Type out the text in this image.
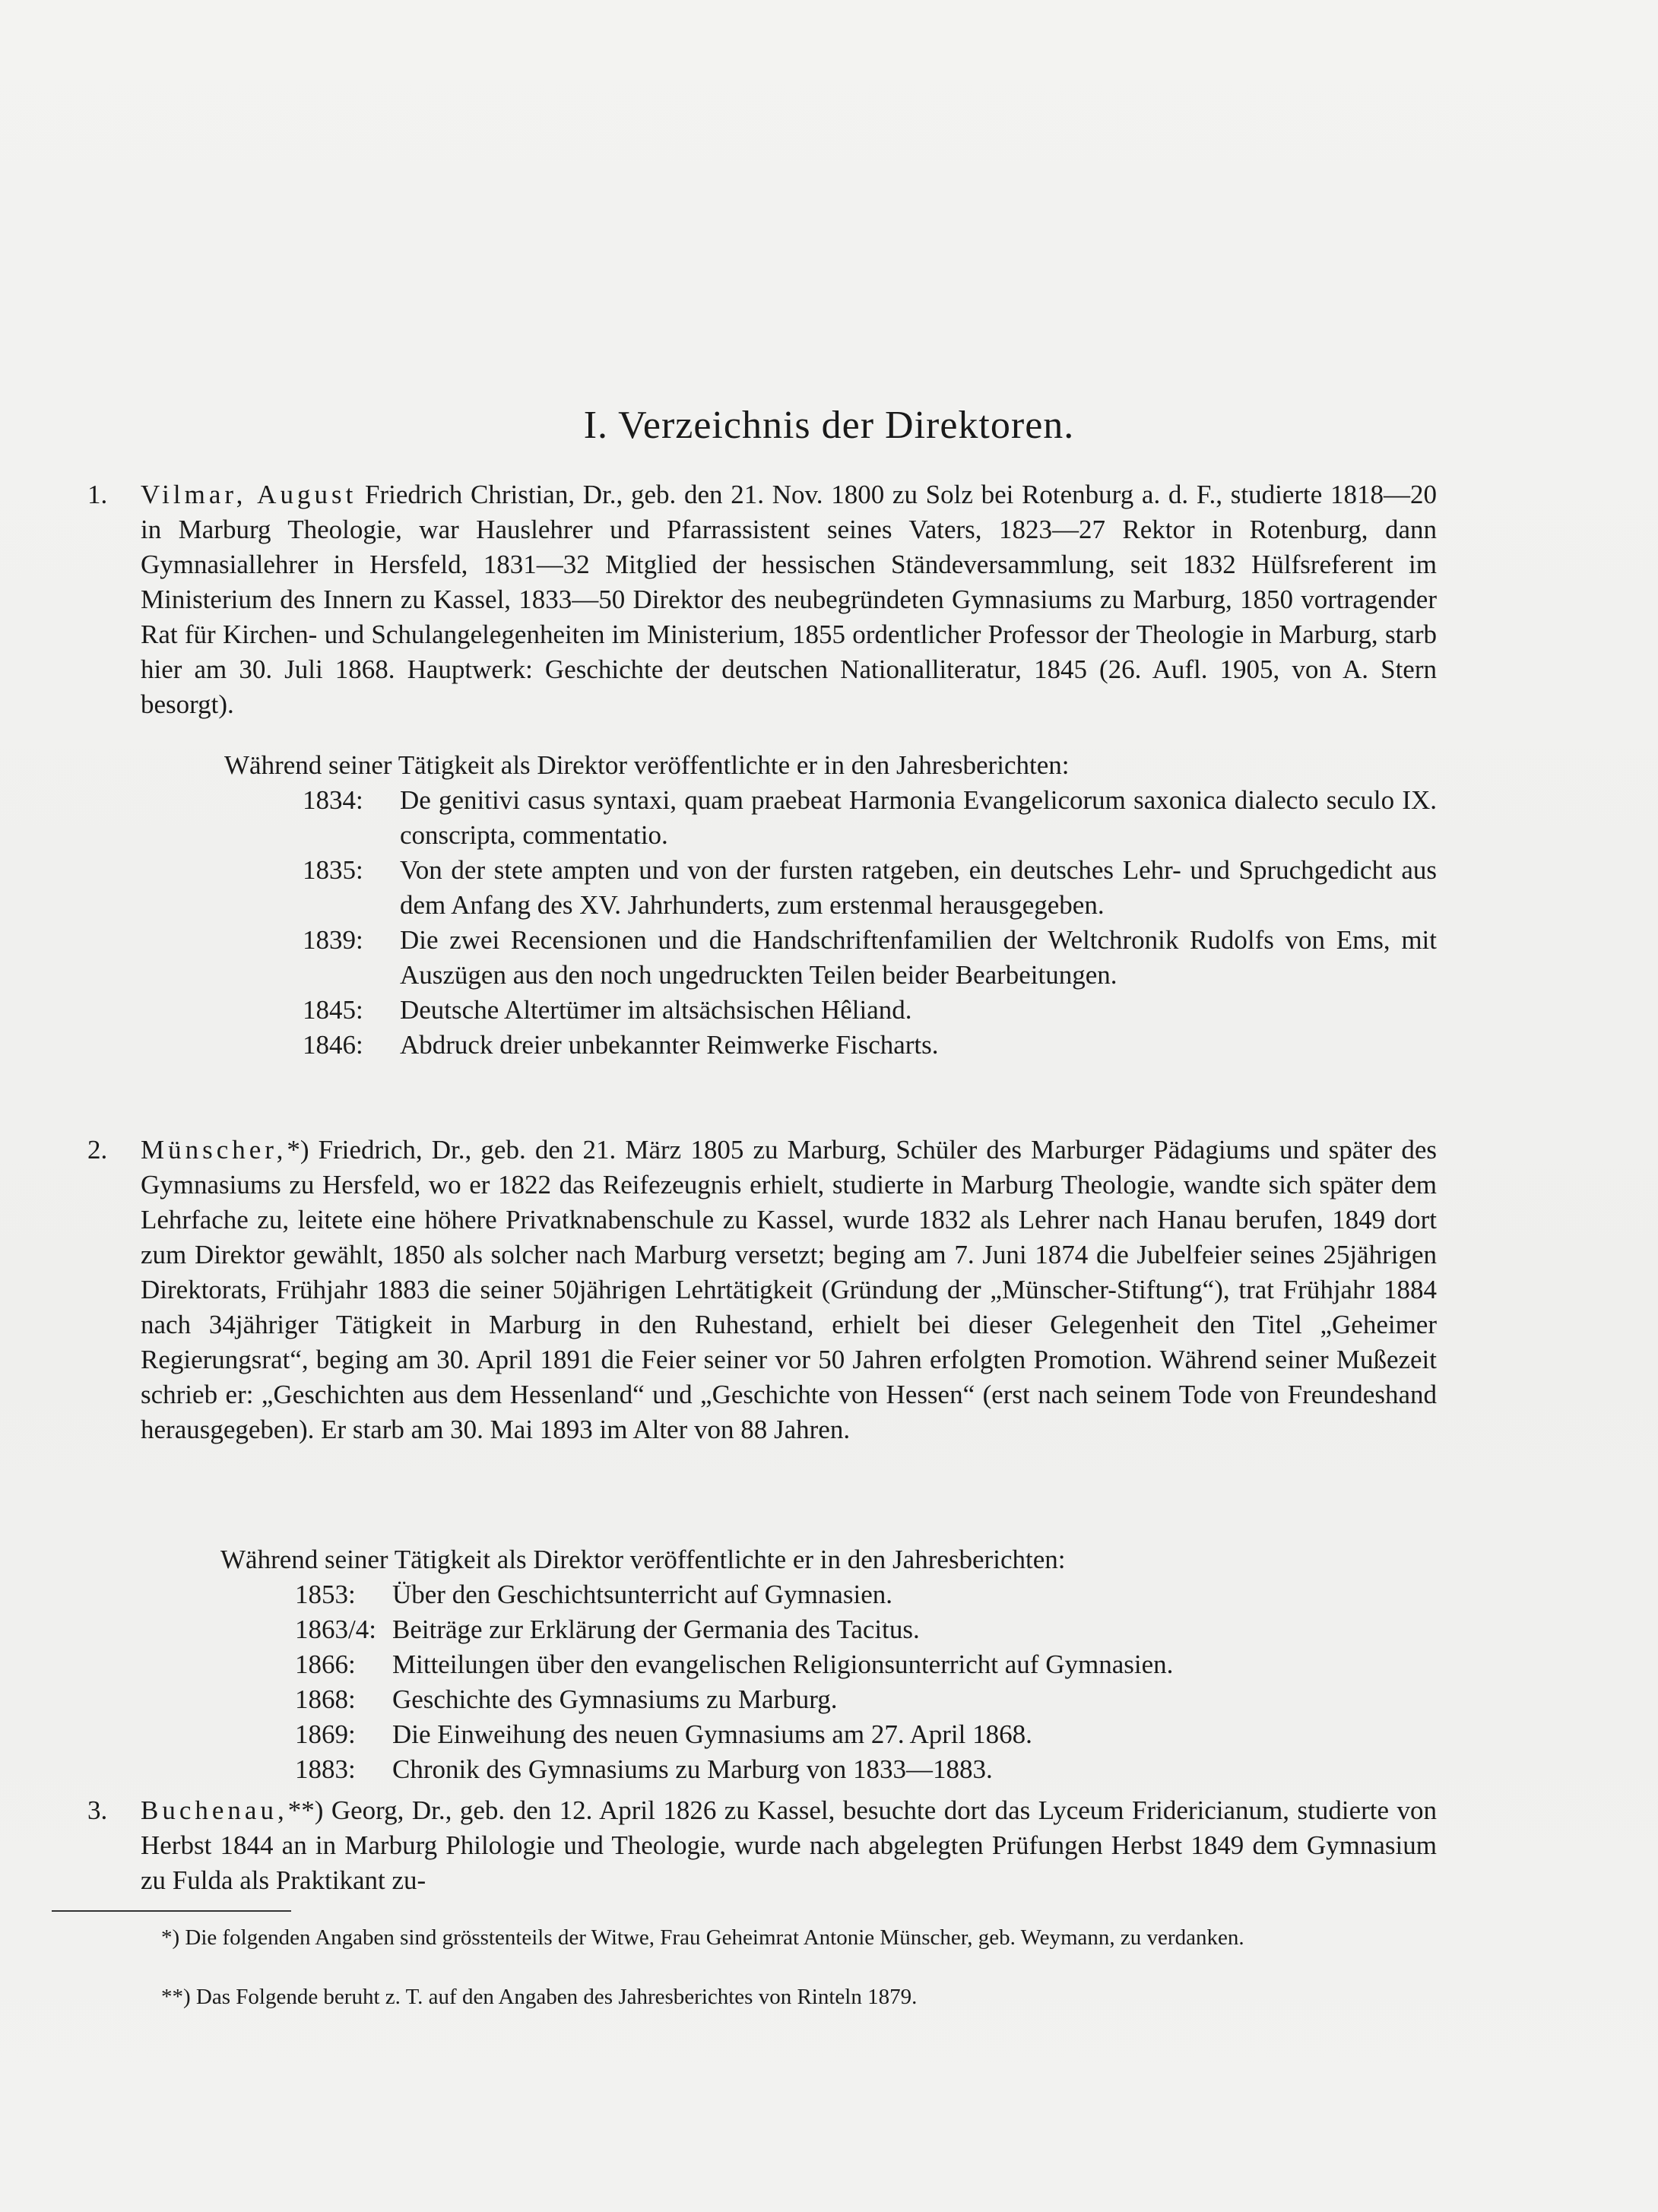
I. Verzeichnis der Direktoren.

1. Vilmar, August Friedrich Christian, Dr., geb. den 21. Nov. 1800 zu Solz bei Rotenburg a. d. F., studierte 1818—20 in Marburg Theologie, war Hauslehrer und Pfarrassistent seines Vaters, 1823—27 Rektor in Rotenburg, dann Gymnasiallehrer in Hersfeld, 1831—32 Mitglied der hessischen Ständeversammlung, seit 1832 Hülfsreferent im Ministerium des Innern zu Kassel, 1833—50 Direktor des neubegründeten Gymnasiums zu Marburg, 1850 vortragender Rat für Kirchen- und Schulangelegenheiten im Ministerium, 1855 ordentlicher Professor der Theologie in Marburg, starb hier am 30. Juli 1868. Hauptwerk: Geschichte der deutschen Nationalliteratur, 1845 (26. Aufl. 1905, von A. Stern besorgt).

Während seiner Tätigkeit als Direktor veröffentlichte er in den Jahresberichten:
1834:	De genitivi casus syntaxi, quam praebeat Harmonia Evangelicorum saxonica dialecto seculo IX. conscripta, commentatio.
1835:	Von der stete ampten und von der fursten ratgeben, ein deutsches Lehr- und Spruchgedicht aus dem Anfang des XV. Jahrhunderts, zum erstenmal herausgegeben.
1839:	Die zwei Recensionen und die Handschriftenfamilien der Weltchronik Rudolfs von Ems, mit Auszügen aus den noch ungedruckten Teilen beider Bearbeitungen.
1845:	Deutsche Altertümer im altsächsischen Hêliand.
1846:	Abdruck dreier unbekannter Reimwerke Fischarts.

2. Münscher,*) Friedrich, Dr., geb. den 21. März 1805 zu Marburg, Schüler des Marburger Pädagiums und später des Gymnasiums zu Hersfeld, wo er 1822 das Reifezeugnis erhielt, studierte in Marburg Theologie, wandte sich später dem Lehrfache zu, leitete eine höhere Privatknabenschule zu Kassel, wurde 1832 als Lehrer nach Hanau berufen, 1849 dort zum Direktor gewählt, 1850 als solcher nach Marburg versetzt; beging am 7. Juni 1874 die Jubelfeier seines 25jährigen Direktorats, Frühjahr 1883 die seiner 50jährigen Lehrtätigkeit (Gründung der „Münscher-Stiftung“), trat Frühjahr 1884 nach 34jähriger Tätigkeit in Marburg in den Ruhestand, erhielt bei dieser Gelegenheit den Titel „Geheimer Regierungsrat“, beging am 30. April 1891 die Feier seiner vor 50 Jahren erfolgten Promotion. Während seiner Mußezeit schrieb er: „Geschichten aus dem Hessenland“ und „Geschichte von Hessen“ (erst nach seinem Tode von Freundeshand herausgegeben). Er starb am 30. Mai 1893 im Alter von 88 Jahren.

Während seiner Tätigkeit als Direktor veröffentlichte er in den Jahresberichten:
1853:	Über den Geschichtsunterricht auf Gymnasien.
1863/4: Beiträge zur Erklärung der Germania des Tacitus.
1866:	Mitteilungen über den evangelischen Religionsunterricht auf Gymnasien.
1868:	Geschichte des Gymnasiums zu Marburg.
1869:	Die Einweihung des neuen Gymnasiums am 27. April 1868.
1883:	Chronik des Gymnasiums zu Marburg von 1833—1883.

3. Buchenau,**) Georg, Dr., geb. den 12. April 1826 zu Kassel, besuchte dort das Lyceum Fridericianum, studierte von Herbst 1844 an in Marburg Philologie und Theologie, wurde nach abgelegten Prüfungen Herbst 1849 dem Gymnasium zu Fulda als Praktikant zu-

*) Die folgenden Angaben sind grösstenteils der Witwe, Frau Geheimrat Antonie Münscher, geb. Weymann, zu verdanken.
**) Das Folgende beruht z. T. auf den Angaben des Jahresberichtes von Rinteln 1879.
